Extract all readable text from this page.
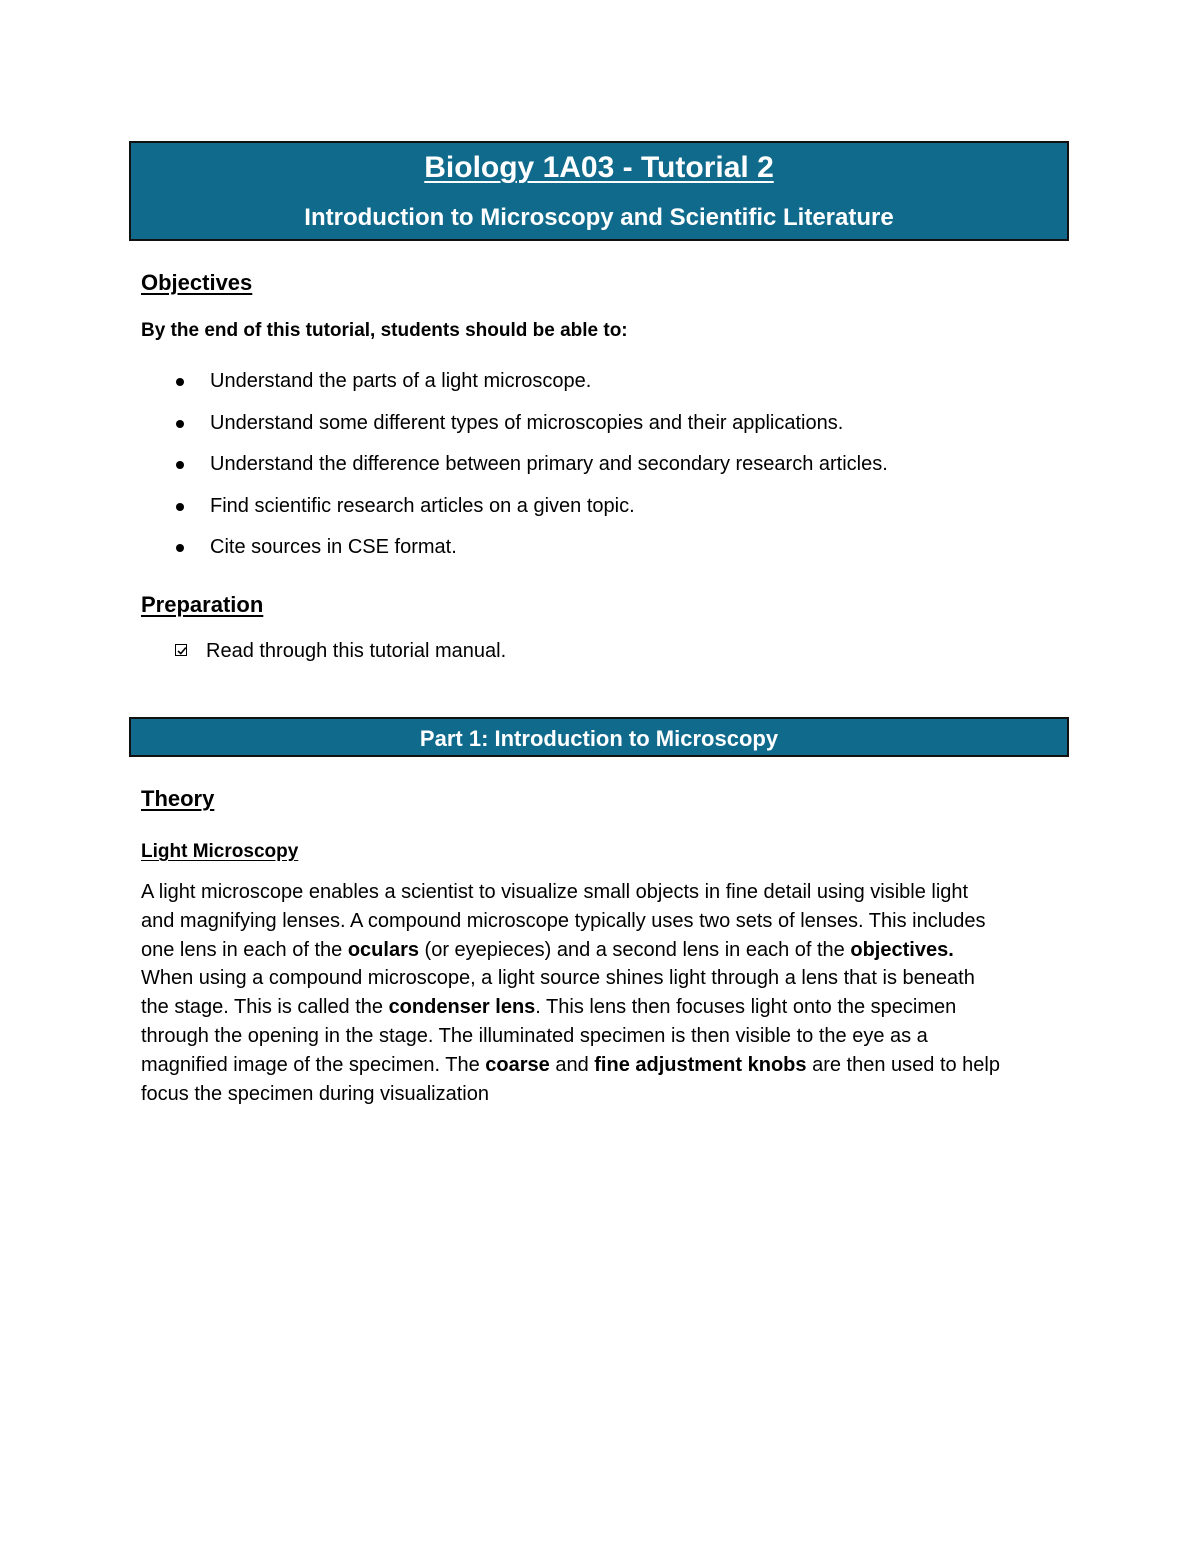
Biology 1A03 - Tutorial 2
Introduction to Microscopy and Scientific Literature
Objectives
By the end of this tutorial, students should be able to:
Understand the parts of a light microscope.
Understand some different types of microscopies and their applications.
Understand the difference between primary and secondary research articles.
Find scientific research articles on a given topic.
Cite sources in CSE format.
Preparation
Read through this tutorial manual.
Part 1: Introduction to Microscopy
Theory
Light Microscopy
A light microscope enables a scientist to visualize small objects in fine detail using visible light
and magnifying lenses. A compound microscope typically uses two sets of lenses. This includes
one lens in each of the oculars (or eyepieces) and a second lens in each of the objectives.
When using a compound microscope, a light source shines light through a lens that is beneath
the stage. This is called the condenser lens. This lens then focuses light onto the specimen
through the opening in the stage. The illuminated specimen is then visible to the eye as a
magnified image of the specimen. The coarse and fine adjustment knobs are then used to help
focus the specimen during visualization
